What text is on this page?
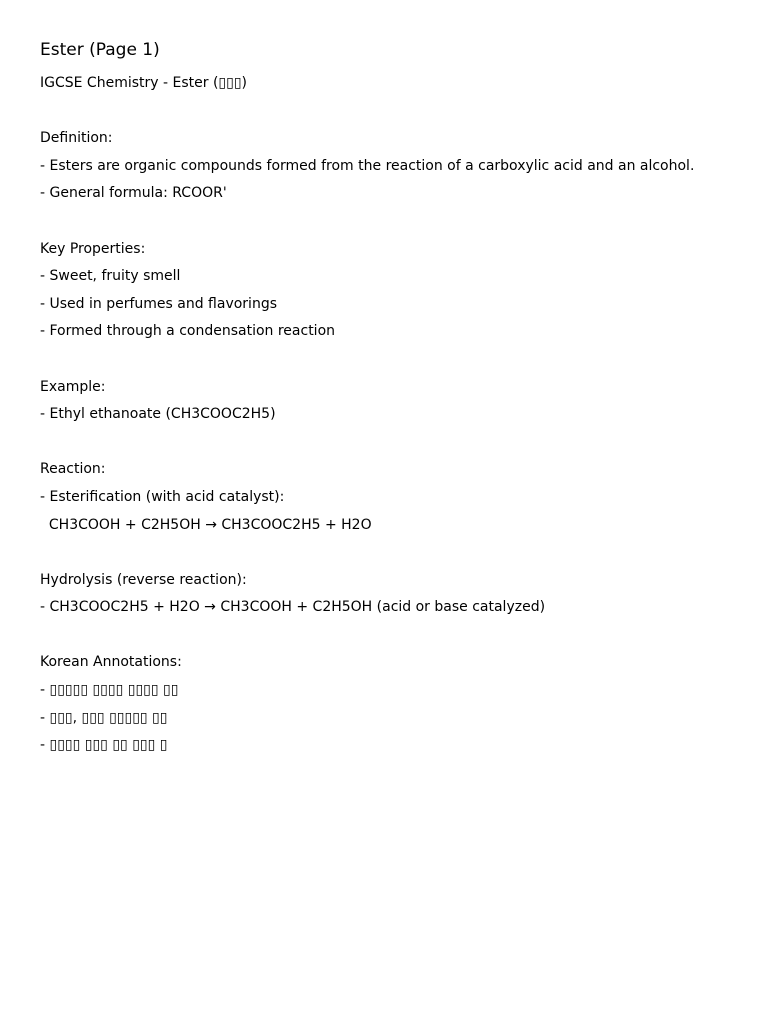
Ester (Page 1)
IGCSE Chemistry - Ester (▯▯▯)
Definition:
- Esters are organic compounds formed from the reaction of a carboxylic acid and an alcohol.
- General formula: RCOOR'
Key Properties:
- Sweet, fruity smell
- Used in perfumes and flavorings
- Formed through a condensation reaction
Example:
- Ethyl ethanoate (CH3COOC2H5)
Reaction:
- Esterification (with acid catalyst):
CH3COOH + C2H5OH → CH3COOC2H5 + H2O
Hydrolysis (reverse reaction):
- CH3COOC2H5 + H2O → CH3COOH + C2H5OH (acid or base catalyzed)
Korean Annotations:
- ▯▯▯▯▯ ▯▯▯▯ ▯▯▯▯ ▯▯
- ▯▯▯, ▯▯▯ ▯▯▯▯▯ ▯▯
- ▯▯▯▯ ▯▯▯ ▯▯ ▯▯▯ ▯
